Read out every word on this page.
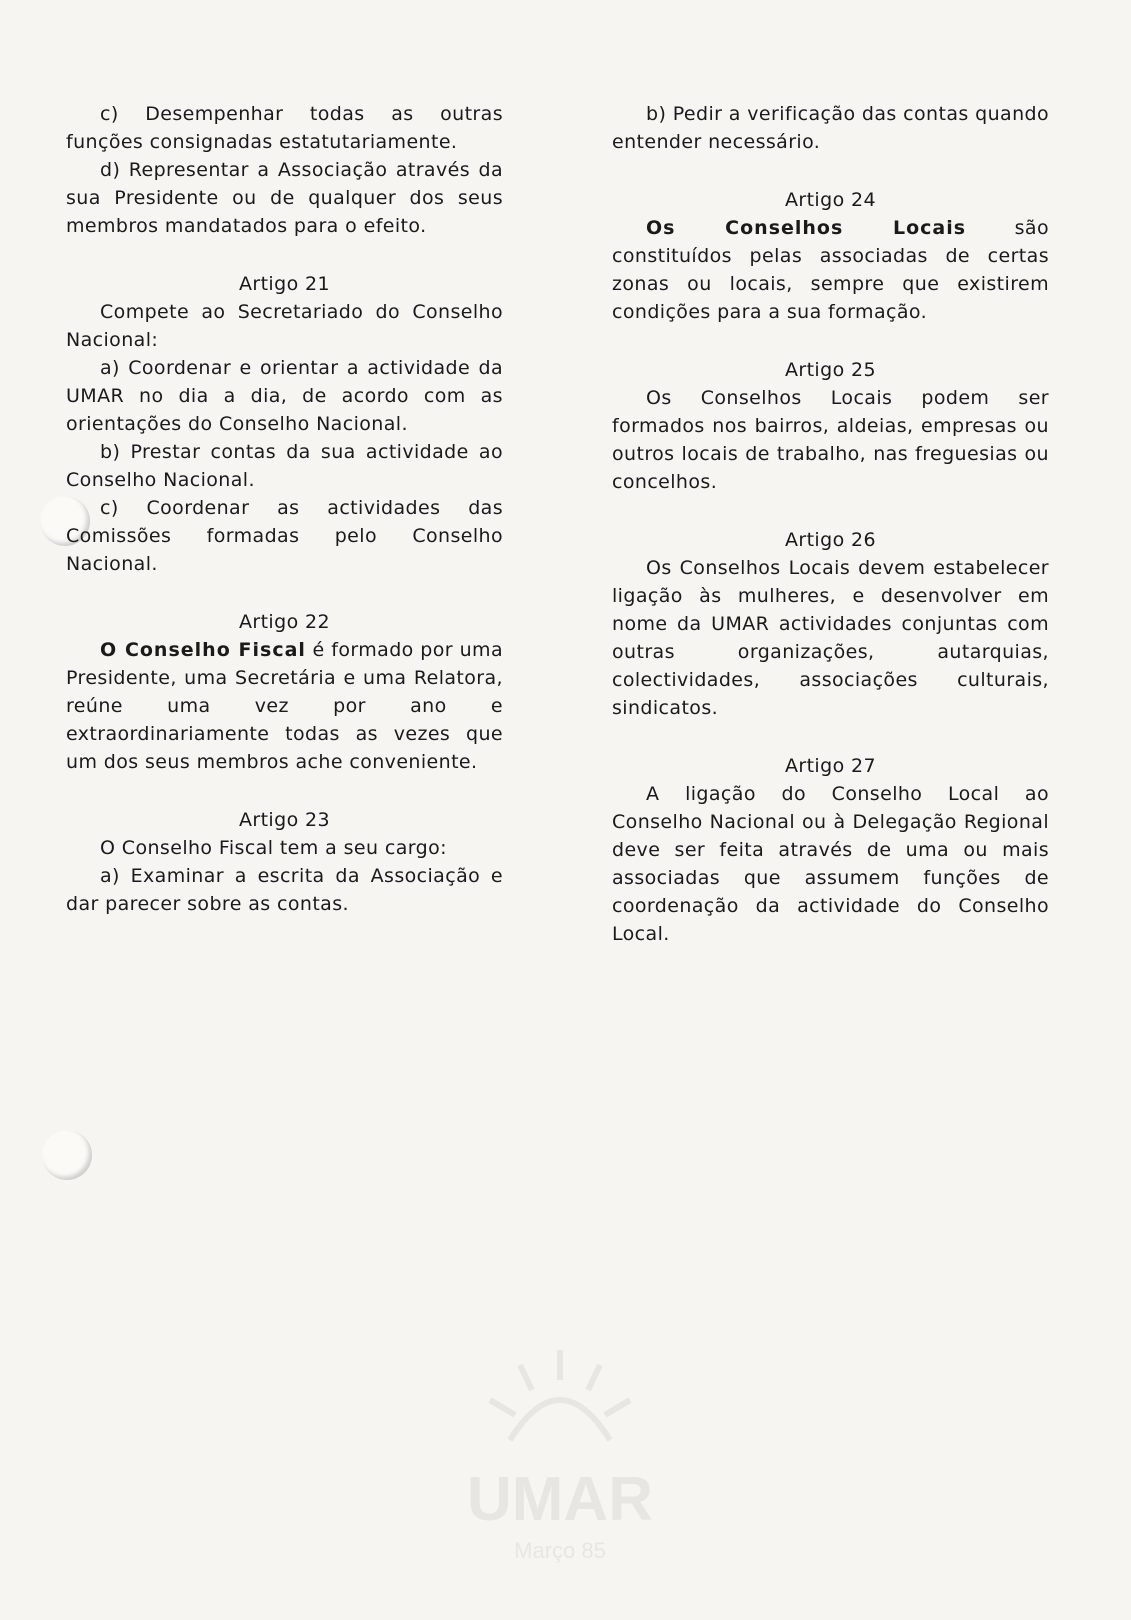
c) Desempenhar todas as outras funções consignadas estatutariamente.

d) Representar a Associação através da sua Presidente ou de qualquer dos seus membros mandatados para o efeito.

Artigo 21

Compete ao Secretariado do Conselho Nacional:

a) Coordenar e orientar a actividade da UMAR no dia a dia, de acordo com as orientações do Conselho Nacional.

b) Prestar contas da sua actividade ao Conselho Nacional.

c) Coordenar as actividades das Comissões formadas pelo Conselho Nacional.

Artigo 22

O Conselho Fiscal é formado por uma Presidente, uma Secretária e uma Relatora, reúne uma vez por ano e extraordinariamente todas as vezes que um dos seus membros ache conveniente.

Artigo 23

O Conselho Fiscal tem a seu cargo:

a) Examinar a escrita da Associação e dar parecer sobre as contas.

b) Pedir a verificação das contas quando entender necessário.

Artigo 24

Os Conselhos Locais são constituídos pelas associadas de certas zonas ou locais, sempre que existirem condições para a sua formação.

Artigo 25

Os Conselhos Locais podem ser formados nos bairros, aldeias, empresas ou outros locais de trabalho, nas freguesias ou concelhos.

Artigo 26

Os Conselhos Locais devem estabelecer ligação às mulheres, e desenvolver em nome da UMAR actividades conjuntas com outras organizações, autarquias, colectividades, associações culturais, sindicatos.

Artigo 27

A ligação do Conselho Local ao Conselho Nacional ou à Delegação Regional deve ser feita através de uma ou mais associadas que assumem funções de coordenação da actividade do Conselho Local.

UMAR
Março 85
